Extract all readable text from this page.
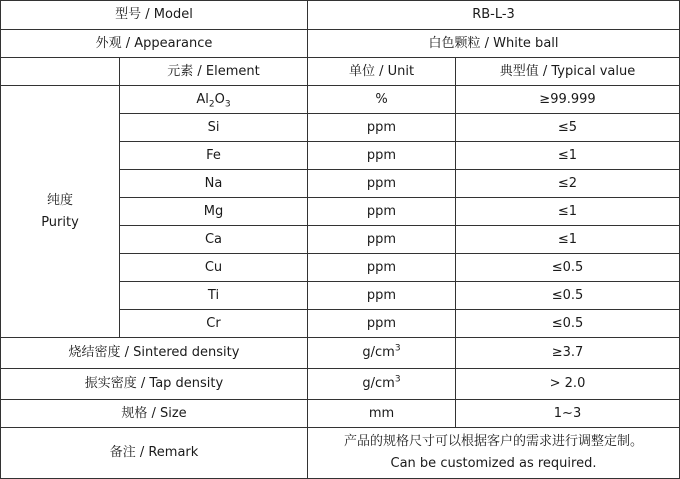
型号 / Model		RB-L-3	
外观 / Appearance		白色颗粒 / White ball	
	元素 / Element	单位 / Unit	典型值 / Typical value

纯度
Purity	$Al_2O_3$	%	≥99.999
	Si	ppm	≤5
	Fe	ppm	≤1
	Na	ppm	≤2
	Mg	ppm	≤1
	Ca	ppm	≤1
	Cu	ppm	≤0.5
	Ti	ppm	≤0.5
	Cr	ppm	≤0.5
烧结密度 / Sintered density		$g/cm^3$	≥3.7
振实密度 / Tap density		$g/cm^3$	> 2.0
规格 / Size		mm	1~3
备注 / Remark		产品的规格尺寸可以根据客户的需求进行调整定制。
Can be customized as required.	
